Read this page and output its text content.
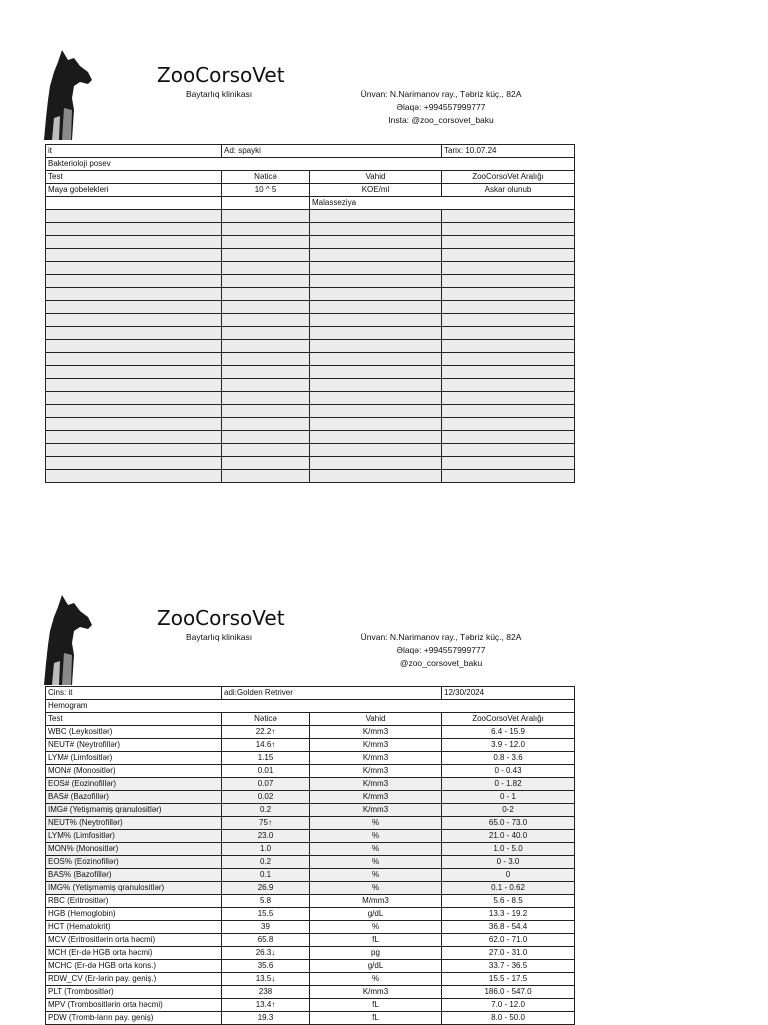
ZooCorsoVet
Baytarlıq klinikası	Ünvan: N.Narimanov ray., Təbriz küç., 82A
Əlaqə: +994557999777
Insta: @zoo_corsovet_baku
it	Ad: spayki		Tarix: 10.07.24
Bakterioloji posev			
Test	Nəticə	Vahid	ZooCorsoVet Aralığı
Maya gobelekleri	10 ^ 5	KOE/ml	Askar olunub
		Malasseziya	

ZooCorsoVet
Baytarlıq klinikası	Ünvan: N.Narimanov ray., Təbriz küç., 82A
Əlaqə: +994557999777
@zoo_corsovet_baku
Cins: it	adi:Golden Retriver		12/30/2024
Hemogram			
Test	Nəticə	Vahid	ZooCorsoVet Aralığı
WBC (Leykositlər)	22.2↑	K/mm3	6.4 - 15.9
NEUT# (Neytrofillər)	14.6↑	K/mm3	3.9 - 12.0
LYM# (Limfositlər)	1.15	K/mm3	0.8 - 3.6
MON# (Monositlər)	0.01	K/mm3	0 - 0.43
EOS# (Eozinofillər)	0.07	K/mm3	0 - 1.82
BAS# (Bazofillər)	0.02	K/mm3	0 - 1
IMG# (Yetişməmiş qranulositlər)	0.2	K/mm3	0-2
NEUT% (Neytrofillər)	75↑	%	65.0 - 73.0
LYM% (Limfositlər)	23.0	%	21.0 - 40.0
MON% (Monositlər)	1.0	%	1.0 - 5.0
EOS% (Eozinofillər)	0.2	%	0 - 3.0
BAS% (Bazofillər)	0.1	%	0
IMG% (Yetişməmiş qranulositlər)	26.9	%	0.1 - 0.62
RBC (Eritrositlər)	5.8	M/mm3	5.6 - 8.5
HGB (Hemoglobin)	15.5	g/dL	13.3 - 19.2
HCT (Hematokrit)	39	%	36.8 - 54.4
MCV (Eritrositlərin orta həcmi)	65.8	fL	62.0 - 71.0
MCH (Er-də HGB orta həcmi)	26.3↓	pg	27.0 - 31.0
MCHC (Er-də HGB orta kons.)	35.6	g/dL	33.7 - 36.5
RDW_CV (Er-lərin pay. geniş.)	13.5↓	%	15.5 - 17.5
PLT (Trombositlər)	238	K/mm3	186.0 - 547.0
MPV (Trombositlərin orta həcmi)	13.4↑	fL	7.0 - 12.0
PDW (Tromb-ların pay. geniş)	19.3	fL	8.0 - 50.0
